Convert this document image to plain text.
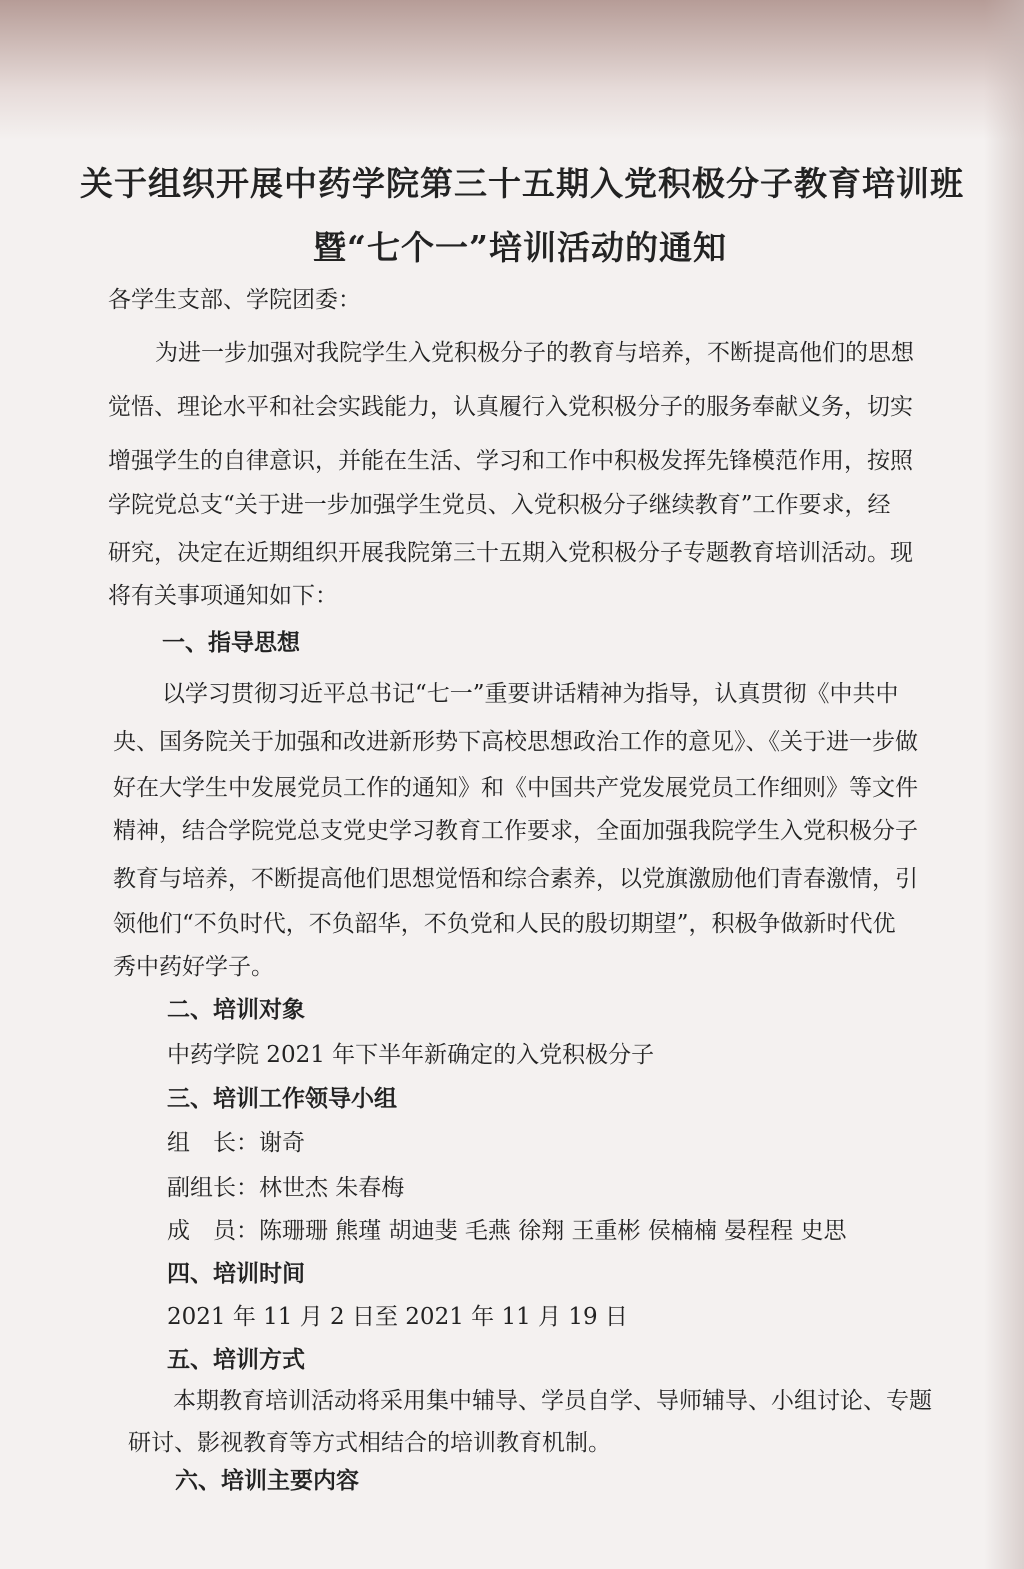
关于组织开展中药学院第三十五期入党积极分子教育培训班
暨“七个一”培训活动的通知
各学生支部、学院团委：
为进一步加强对我院学生入党积极分子的教育与培养，不断提高他们的思想
觉悟、理论水平和社会实践能力，认真履行入党积极分子的服务奉献义务，切实
增强学生的自律意识，并能在生活、学习和工作中积极发挥先锋模范作用，按照
学院党总支“关于进一步加强学生党员、入党积极分子继续教育”工作要求，经
研究，决定在近期组织开展我院第三十五期入党积极分子专题教育培训活动。现
将有关事项通知如下：
一、指导思想
以学习贯彻习近平总书记“七一”重要讲话精神为指导，认真贯彻《中共中
央、国务院关于加强和改进新形势下高校思想政治工作的意见》、《关于进一步做
好在大学生中发展党员工作的通知》和《中国共产党发展党员工作细则》等文件
精神，结合学院党总支党史学习教育工作要求，全面加强我院学生入党积极分子
教育与培养，不断提高他们思想觉悟和综合素养，以党旗激励他们青春激情，引
领他们“不负时代，不负韶华，不负党和人民的殷切期望”，积极争做新时代优
秀中药好学子。
二、培训对象
中药学院 2021 年下半年新确定的入党积极分子
三、培训工作领导小组
组　长：谢奇
副组长：林世杰 朱春梅
成　员：陈珊珊 熊瑾 胡迪斐 毛燕 徐翔 王重彬 侯楠楠 晏程程 史思
四、培训时间
2021 年 11 月 2 日至 2021 年 11 月 19 日
五、培训方式
本期教育培训活动将采用集中辅导、学员自学、导师辅导、小组讨论、专题
研讨、影视教育等方式相结合的培训教育机制。
六、培训主要内容
